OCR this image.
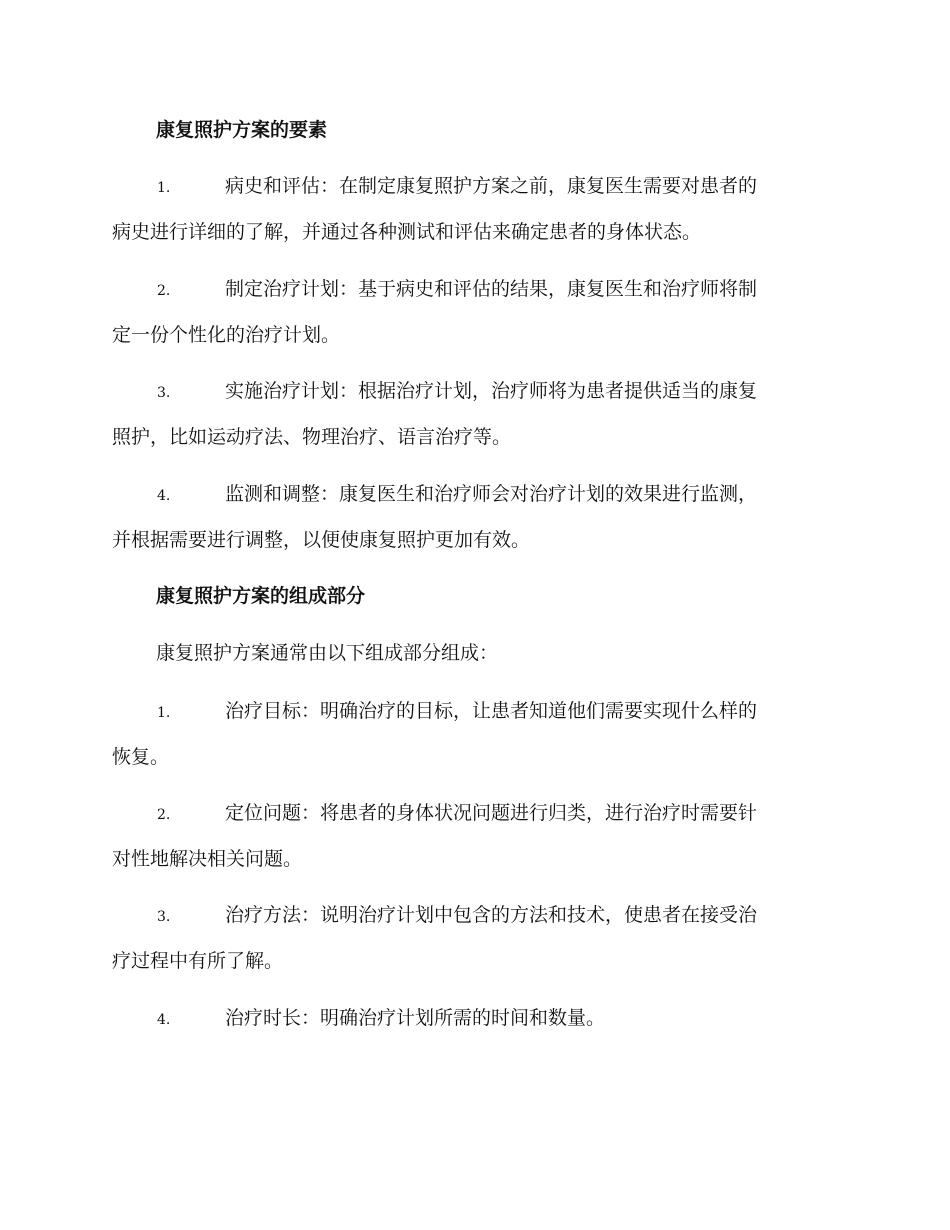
康复照护方案的要素
1.	病史和评估：在制定康复照护方案之前，康复医生需要对患者的
病史进行详细的了解，并通过各种测试和评估来确定患者的身体状态。
2.	制定治疗计划：基于病史和评估的结果，康复医生和治疗师将制
定一份个性化的治疗计划。
3.	实施治疗计划：根据治疗计划，治疗师将为患者提供适当的康复
照护，比如运动疗法、物理治疗、语言治疗等。
4.	监测和调整：康复医生和治疗师会对治疗计划的效果进行监测，
并根据需要进行调整，以便使康复照护更加有效。
康复照护方案的组成部分
康复照护方案通常由以下组成部分组成：
1.	治疗目标：明确治疗的目标，让患者知道他们需要实现什么样的
恢复。
2.	定位问题：将患者的身体状况问题进行归类，进行治疗时需要针
对性地解决相关问题。
3.	治疗方法：说明治疗计划中包含的方法和技术，使患者在接受治
疗过程中有所了解。
4.	治疗时长：明确治疗计划所需的时间和数量。
